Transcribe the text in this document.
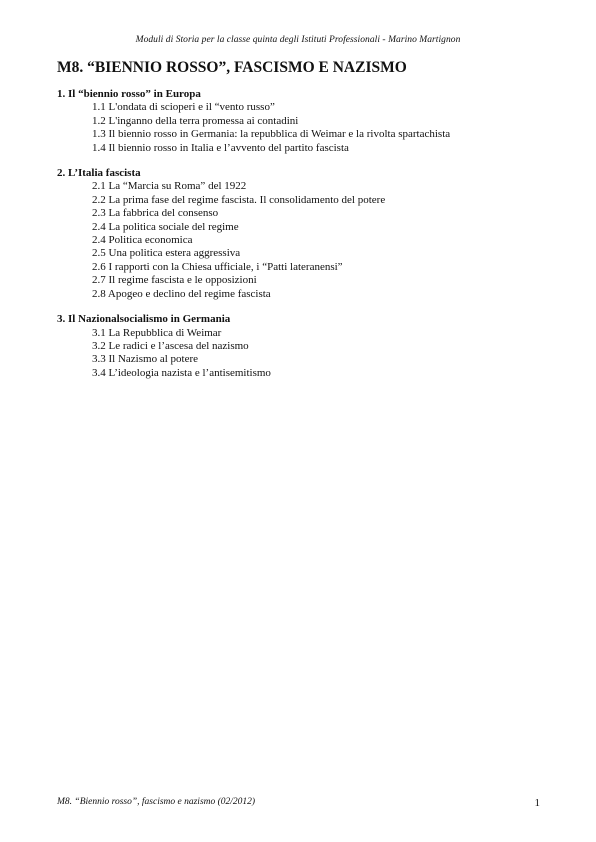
Moduli di Storia per la classe quinta degli Istituti Professionali - Marino Martignon
M8. “BIENNIO ROSSO”, FASCISMO E NAZISMO
1. Il “biennio rosso” in Europa
1.1 L'ondata di scioperi e il “vento russo”
1.2 L'inganno della terra promessa ai contadini
1.3 Il biennio rosso in Germania: la repubblica di Weimar e la rivolta spartachista
1.4 Il biennio rosso in Italia e l’avvento del partito fascista
2. L’Italia fascista
2.1 La “Marcia su Roma” del 1922
2.2 La prima fase del regime fascista. Il consolidamento del potere
2.3 La fabbrica del consenso
2.4 La politica sociale del regime
2.4 Politica economica
2.5 Una politica estera aggressiva
2.6 I rapporti con la Chiesa ufficiale, i “Patti lateranensi”
2.7 Il regime fascista e le opposizioni
2.8 Apogeo e declino del regime fascista
3. Il Nazionalsocialismo in Germania
3.1 La Repubblica di Weimar
3.2 Le radici e l’ascesa del nazismo
3.3 Il Nazismo al potere
3.4 L’ideologia nazista e l’antisemitismo
M8. “Biennio rosso”, fascismo e nazismo (02/2012)	1
